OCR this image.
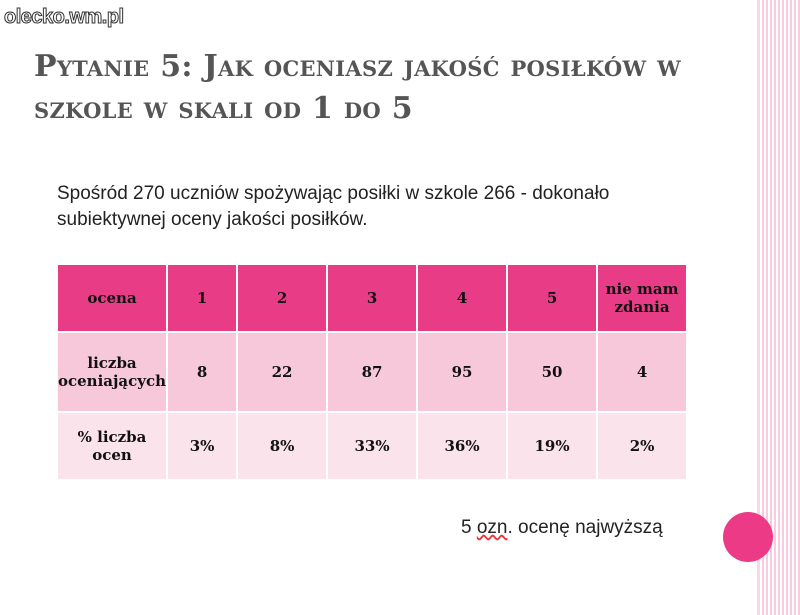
olecko.wm.pl
Pytanie 5: Jak oceniasz jakość posiłków w szkole w skali od 1 do 5
Spośród 270 uczniów spożywając posiłki w szkole 266 - dokonało subiektywnej oceny jakości posiłków.
ocena	1	2	3	4	5	nie mam zdania
liczba oceniających	8	22	87	95	50	4
% liczba ocen	3%	8%	33%	36%	19%	2%
5 ozn. ocenę najwyższą
